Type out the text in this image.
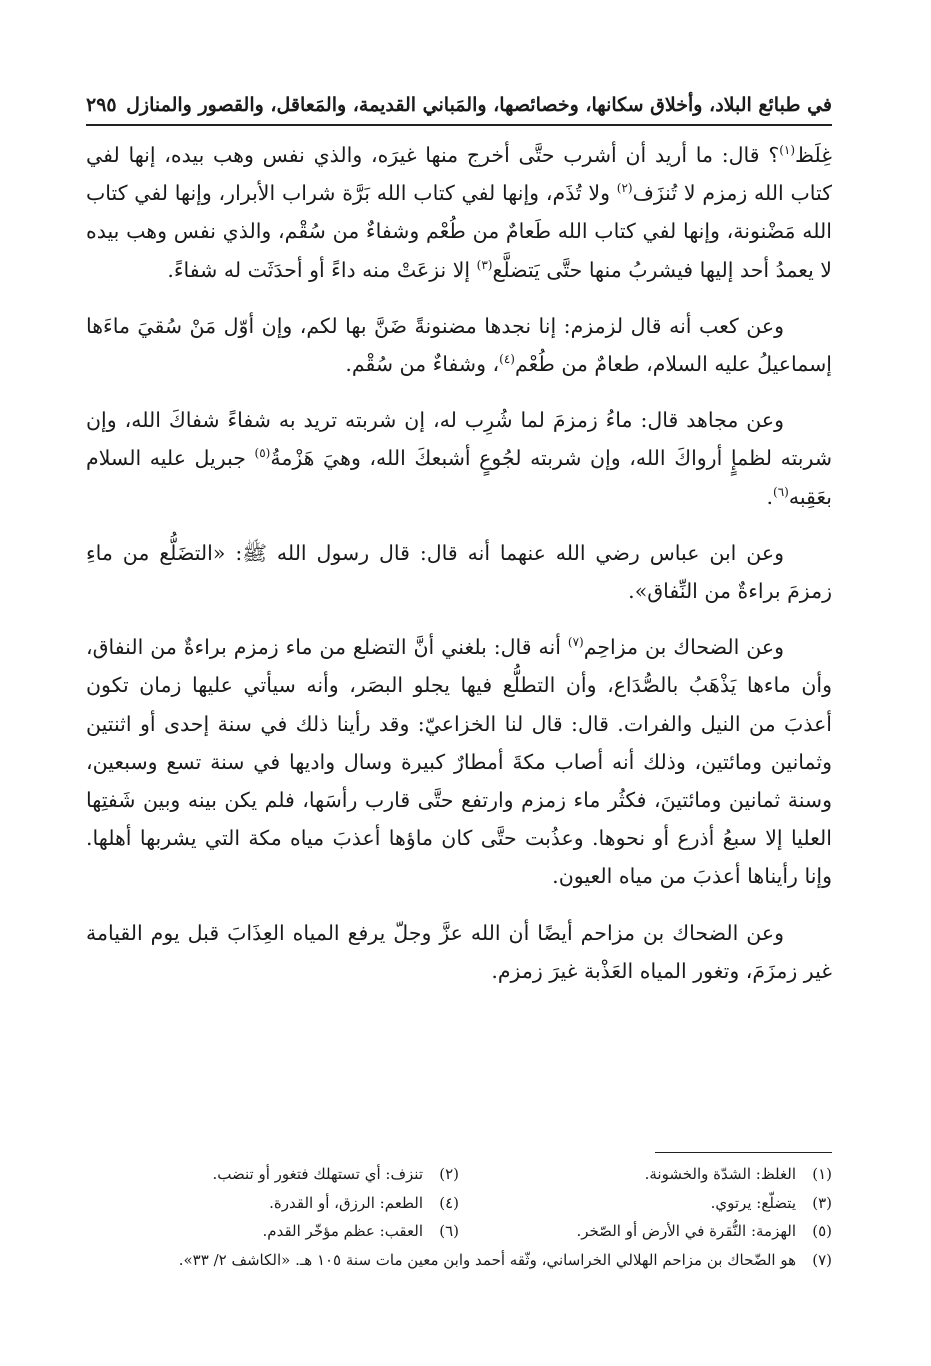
في طبائع البلاد، وأخلاق سكانها، وخصائصها، والمَباني القديمة، والمَعاقل، والقصور والمنازل
٢٩٥

غِلَظ$^{(١)}$؟ قال: ما أريد أن أشرب حتَّى أخرج منها غيرَه، والذي نفس وهب بيده، إنها لفي كتاب الله زمزم لا تُنزَف$^{(٢)}$ ولا تُذَم، وإنها لفي كتاب الله بَرَّة شراب الأبرار، وإنها لفي كتاب الله مَضْنونة، وإنها لفي كتاب الله طَعامٌ من طُعْم وشفاءٌ من سُقْم، والذي نفس وهب بيده لا يعمدُ أحد إليها فيشربُ منها حتَّى يَتضلَّع$^{(٣)}$ إلا نزعَتْ منه داءً أو أحدَثَت له شفاءً.

وعن كعب أنه قال لزمزم: إنا نجدها مضنونةً ضَنَّ بها لكم، وإن أوّل مَنْ سُقيَ ماءَها إسماعيلُ عليه السلام، طعامٌ من طُعْم$^{(٤)}$، وشفاءٌ من سُقْم.

وعن مجاهد قال: ماءُ زمزمَ لما شُرِب له، إن شربته تريد به شفاءً شفاكَ الله، وإن شربته لظمإٍ أرواكَ الله، وإن شربته لجُوعٍ أشبعكَ الله، وهيَ هَزْمةُ$^{(٥)}$ جبريل عليه السلام بعَقِبه$^{(٦)}$.

وعن ابن عباس رضي الله عنهما أنه قال: قال رسول الله ﷺ: «التضَلُّع من ماءِ زمزمَ براءةٌ من النِّفاق».

وعن الضحاك بن مزاحِم$^{(٧)}$ أنه قال: بلغني أنَّ التضلع من ماء زمزم براءةٌ من النفاق، وأن ماءها يَذْهَبُ بالصُّدَاع، وأن التطلُّع فيها يجلو البصَر، وأنه سيأتي عليها زمان تكون أعذبَ من النيل والفرات. قال: قال لنا الخزاعيّ: وقد رأينا ذلك في سنة إحدى أو اثنتين وثمانين ومائتين، وذلك أنه أصاب مكةَ أمطارٌ كبيرة وسال واديها في سنة تسع وسبعين، وسنة ثمانين ومائتينَ، فكثُر ماء زمزم وارتفع حتَّى قارب رأسَها، فلم يكن بينه وبين شَفتِها العليا إلا سبعُ أذرع أو نحوها. وعذُبت حتَّى كان ماؤها أعذبَ مياه مكة التي يشربها أهلها. وإنا رأيناها أعذبَ من مياه العيون.

وعن الضحاك بن مزاحم أيضًا أن الله عزَّ وجلّ يرفع المياه العِذَابَ قبل يوم القيامة غير زمزَمَ، وتغور المياه العَذْبة غيرَ زمزم.

(١)
الغلظ: الشدّة والخشونة.
(٢)
تنزف: أي تستهلك فتغور أو تنضب.
(٣)
يتضلّع: يرتوي.
(٤)
الطعم: الرزق، أو القدرة.
(٥)
الهزمة: النُّقرة في الأرض أو الصّخر.
(٦)
العقب: عظم مؤخّر القدم.
(٧)
هو الضّحاك بن مزاحم الهلالي الخراساني، وثّقه أحمد وابن معين مات سنة ١٠٥ هـ. «الكاشف ٢/ ٣٣».
